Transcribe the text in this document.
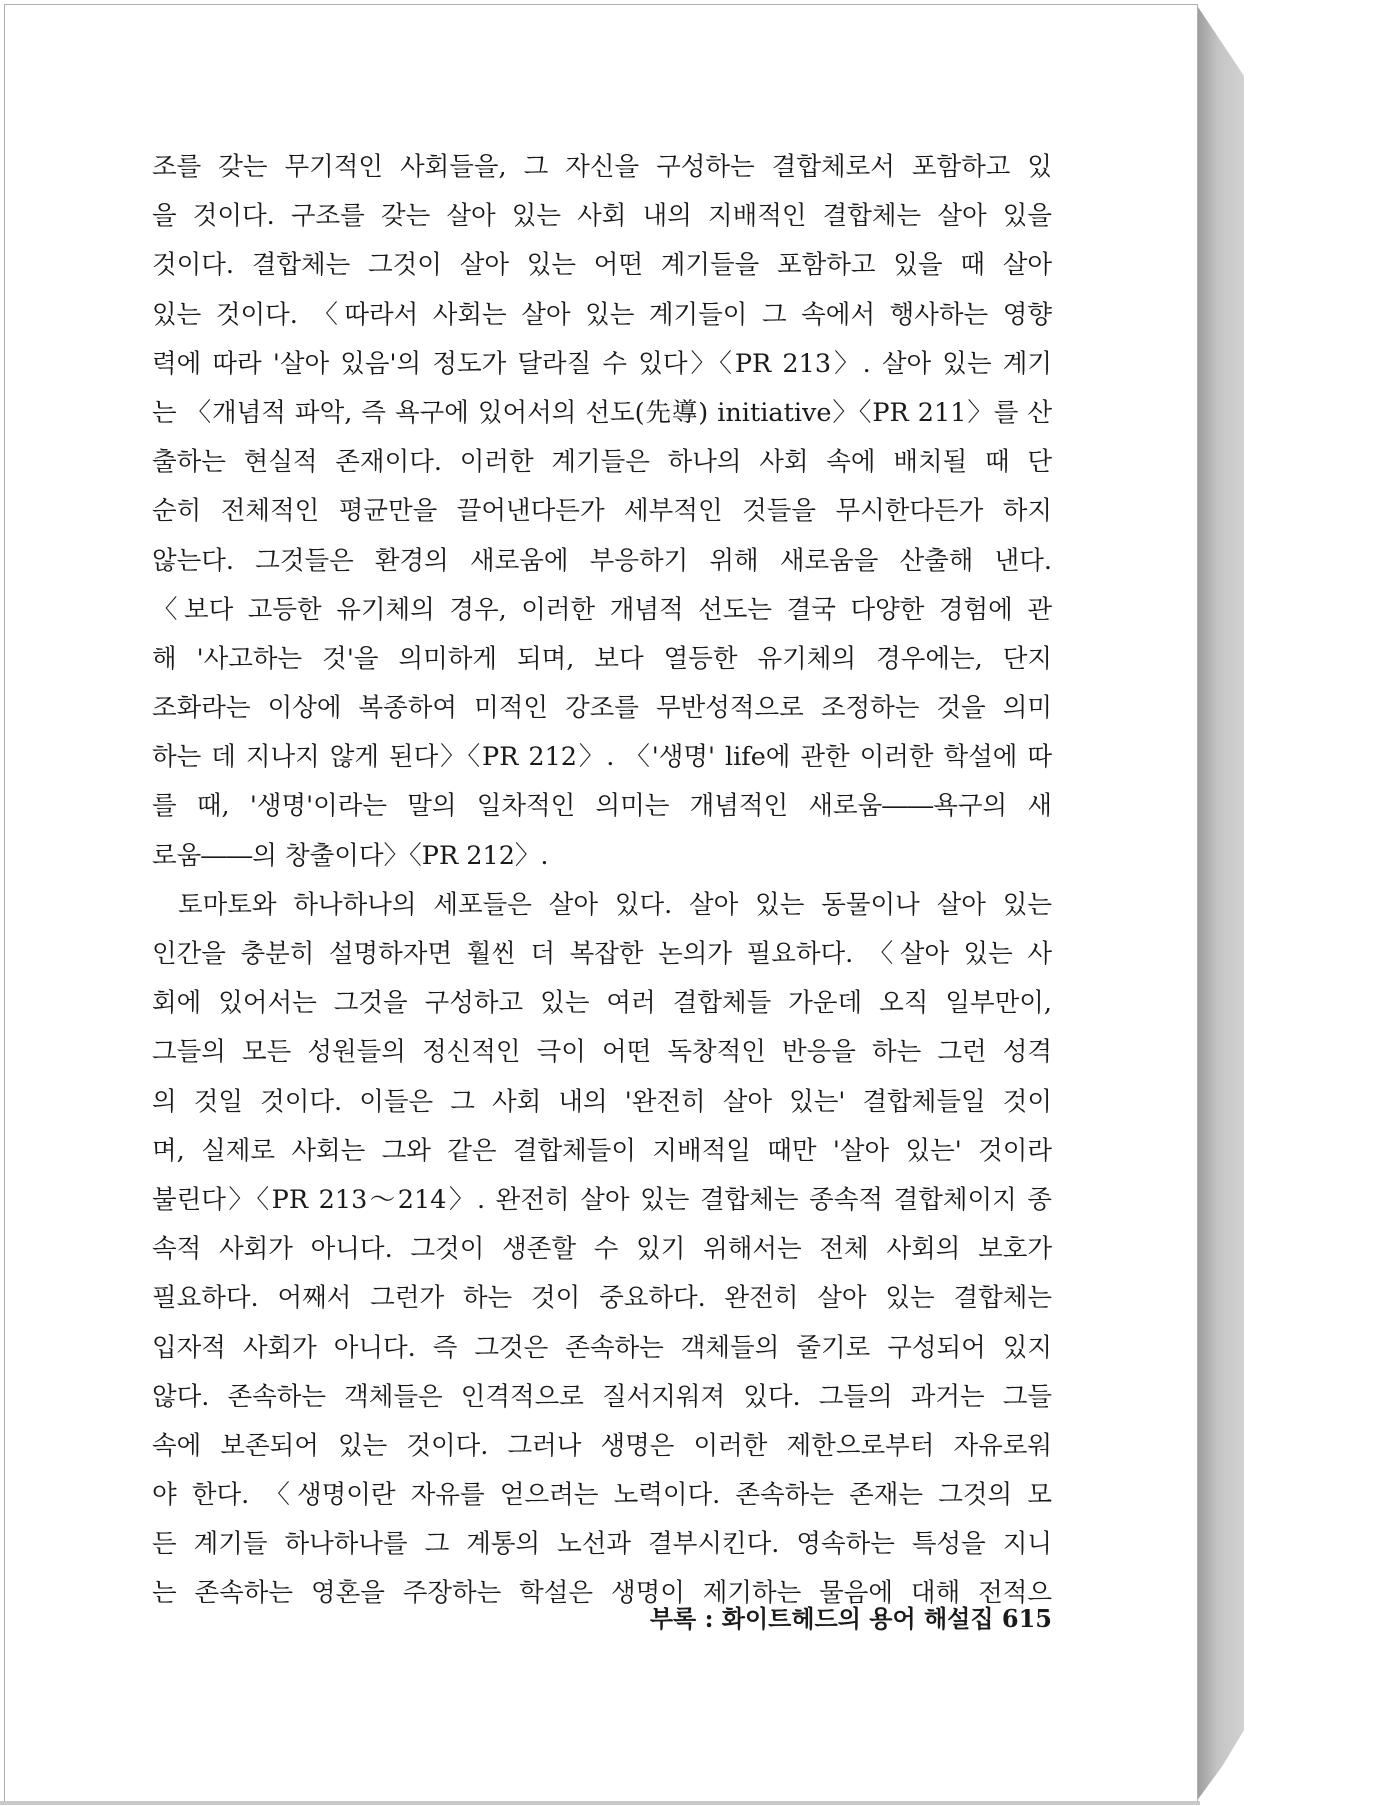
조를 갖는 무기적인 사회들을, 그 자신을 구성하는 결합체로서 포함하고 있
을 것이다. 구조를 갖는 살아 있는 사회 내의 지배적인 결합체는 살아 있을
것이다. 결합체는 그것이 살아 있는 어떤 계기들을 포함하고 있을 때 살아
있는 것이다. 〈따라서 사회는 살아 있는 계기들이 그 속에서 행사하는 영향
력에 따라 '살아 있음'의 정도가 달라질 수 있다〉〈PR 213〉. 살아 있는 계기
는 〈개념적 파악, 즉 욕구에 있어서의 선도(先導) initiative〉〈PR 211〉를 산
출하는 현실적 존재이다. 이러한 계기들은 하나의 사회 속에 배치될 때 단
순히 전체적인 평균만을 끌어낸다든가 세부적인 것들을 무시한다든가 하지
않는다. 그것들은 환경의 새로움에 부응하기 위해 새로움을 산출해 낸다.
〈보다 고등한 유기체의 경우, 이러한 개념적 선도는 결국 다양한 경험에 관
해 '사고하는 것'을 의미하게 되며, 보다 열등한 유기체의 경우에는, 단지
조화라는 이상에 복종하여 미적인 강조를 무반성적으로 조정하는 것을 의미
하는 데 지나지 않게 된다〉〈PR 212〉. 〈'생명' life에 관한 이러한 학설에 따
를 때, '생명'이라는 말의 일차적인 의미는 개념적인 새로움――욕구의 새
로움――의 창출이다〉〈PR 212〉.
토마토와 하나하나의 세포들은 살아 있다. 살아 있는 동물이나 살아 있는
인간을 충분히 설명하자면 훨씬 더 복잡한 논의가 필요하다. 〈살아 있는 사
회에 있어서는 그것을 구성하고 있는 여러 결합체들 가운데 오직 일부만이,
그들의 모든 성원들의 정신적인 극이 어떤 독창적인 반응을 하는 그런 성격
의 것일 것이다. 이들은 그 사회 내의 '완전히 살아 있는' 결합체들일 것이
며, 실제로 사회는 그와 같은 결합체들이 지배적일 때만 '살아 있는' 것이라
불린다〉〈PR 213～214〉. 완전히 살아 있는 결합체는 종속적 결합체이지 종
속적 사회가 아니다. 그것이 생존할 수 있기 위해서는 전체 사회의 보호가
필요하다. 어째서 그런가 하는 것이 중요하다. 완전히 살아 있는 결합체는
입자적 사회가 아니다. 즉 그것은 존속하는 객체들의 줄기로 구성되어 있지
않다. 존속하는 객체들은 인격적으로 질서지워져 있다. 그들의 과거는 그들
속에 보존되어 있는 것이다. 그러나 생명은 이러한 제한으로부터 자유로워
야 한다. 〈생명이란 자유를 얻으려는 노력이다. 존속하는 존재는 그것의 모
든 계기들 하나하나를 그 계통의 노선과 결부시킨다. 영속하는 특성을 지니
는 존속하는 영혼을 주장하는 학설은 생명이 제기하는 물음에 대해 전적으
부록 : 화이트헤드의 용어 해설집 615
